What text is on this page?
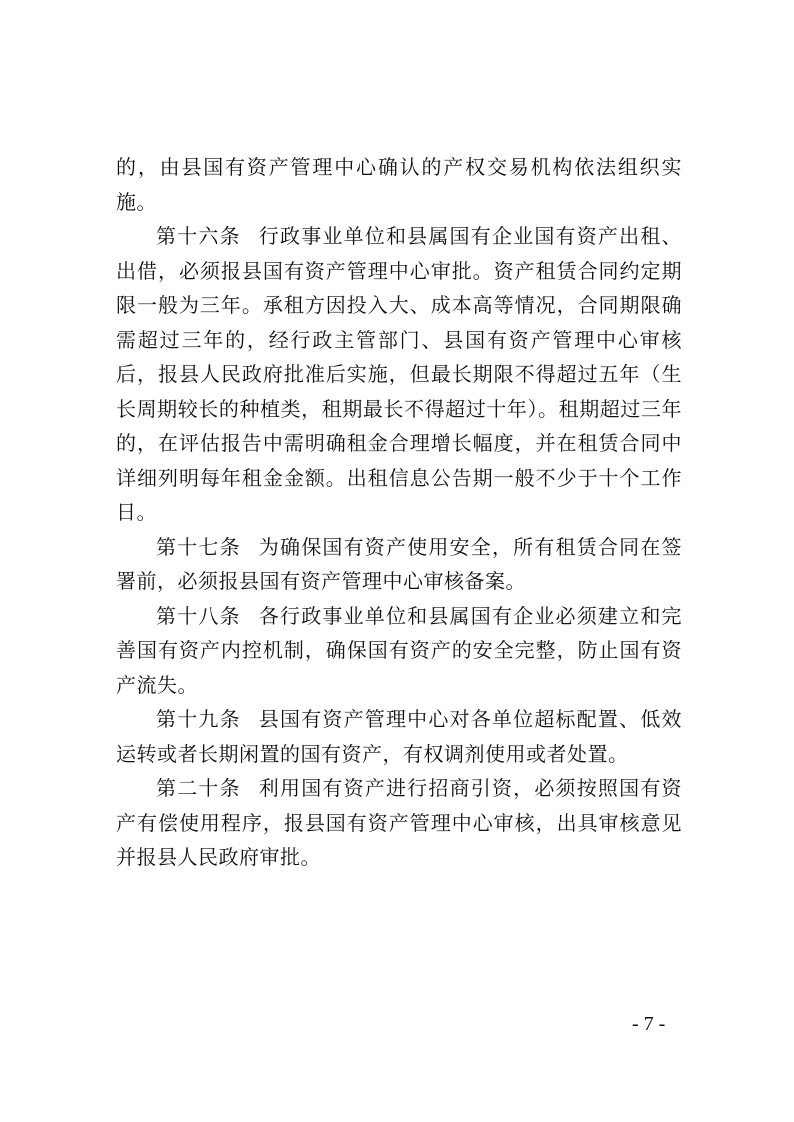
的，由县国有资产管理中心确认的产权交易机构依法组织实施。

第十六条 行政事业单位和县属国有企业国有资产出租、出借，必须报县国有资产管理中心审批。资产租赁合同约定期限一般为三年。承租方因投入大、成本高等情况，合同期限确需超过三年的，经行政主管部门、县国有资产管理中心审核后，报县人民政府批准后实施，但最长期限不得超过五年（生长周期较长的种植类，租期最长不得超过十年）。租期超过三年的，在评估报告中需明确租金合理增长幅度，并在租赁合同中详细列明每年租金金额。出租信息公告期一般不少于十个工作日。

第十七条 为确保国有资产使用安全，所有租赁合同在签署前，必须报县国有资产管理中心审核备案。

第十八条 各行政事业单位和县属国有企业必须建立和完善国有资产内控机制，确保国有资产的安全完整，防止国有资产流失。

第十九条 县国有资产管理中心对各单位超标配置、低效运转或者长期闲置的国有资产，有权调剂使用或者处置。

第二十条 利用国有资产进行招商引资，必须按照国有资产有偿使用程序，报县国有资产管理中心审核，出具审核意见并报县人民政府审批。

- 7 -
